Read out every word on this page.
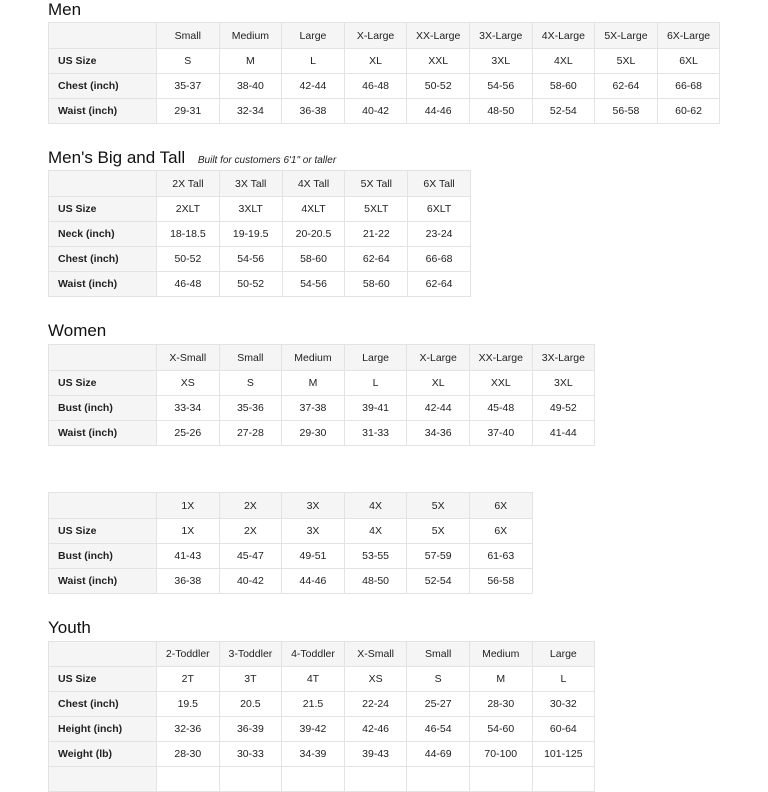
Men
	Small	Medium	Large	X-Large	XX-Large	3X-Large	4X-Large	5X-Large	6X-Large
US Size	S	M	L	XL	XXL	3XL	4XL	5XL	6XL
Chest (inch)	35-37	38-40	42-44	46-48	50-52	54-56	58-60	62-64	66-68
Waist (inch)	29-31	32-34	36-38	40-42	44-46	48-50	52-54	56-58	60-62
Men's Big and Tall Built for customers 6'1" or taller
	2X Tall	3X Tall	4X Tall	5X Tall	6X Tall
US Size	2XLT	3XLT	4XLT	5XLT	6XLT
Neck (inch)	18-18.5	19-19.5	20-20.5	21-22	23-24
Chest (inch)	50-52	54-56	58-60	62-64	66-68
Waist (inch)	46-48	50-52	54-56	58-60	62-64
Women
	X-Small	Small	Medium	Large	X-Large	XX-Large	3X-Large
US Size	XS	S	M	L	XL	XXL	3XL
Bust (inch)	33-34	35-36	37-38	39-41	42-44	45-48	49-52
Waist (inch)	25-26	27-28	29-30	31-33	34-36	37-40	41-44

	1X	2X	3X	4X	5X	6X
US Size	1X	2X	3X	4X	5X	6X
Bust (inch)	41-43	45-47	49-51	53-55	57-59	61-63
Waist (inch)	36-38	40-42	44-46	48-50	52-54	56-58
Youth
	2-Toddler	3-Toddler	4-Toddler	X-Small	Small	Medium	Large
US Size	2T	3T	4T	XS	S	M	L
Chest (inch)	19.5	20.5	21.5	22-24	25-27	28-30	30-32
Height (inch)	32-36	36-39	39-42	42-46	46-54	54-60	60-64
Weight (lb)	28-30	30-33	34-39	39-43	44-69	70-100	101-125
